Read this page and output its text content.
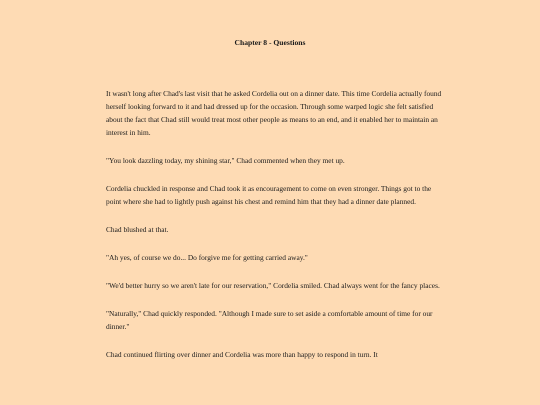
Chapter 8 - Questions

It wasn't long after Chad's last visit that he asked Cordelia out on a dinner date. This time Cordelia actually found herself looking forward to it and had dressed up for the occasion. Through some warped logic she felt satisfied about the fact that Chad still would treat most other people as means to an end, and it enabled her to maintain an interest in him.

"You look dazzling today, my shining star," Chad commented when they met up.

Cordelia chuckled in response and Chad took it as encouragement to come on even stronger. Things got to the point where she had to lightly push against his chest and remind him that they had a dinner date planned.

Chad blushed at that.

"Ah yes, of course we do... Do forgive me for getting carried away."

"We'd better hurry so we aren't late for our reservation," Cordelia smiled. Chad always went for the fancy places.

"Naturally," Chad quickly responded. "Although I made sure to set aside a comfortable amount of time for our dinner."

Chad continued flirting over dinner and Cordelia was more than happy to respond in turn. It
